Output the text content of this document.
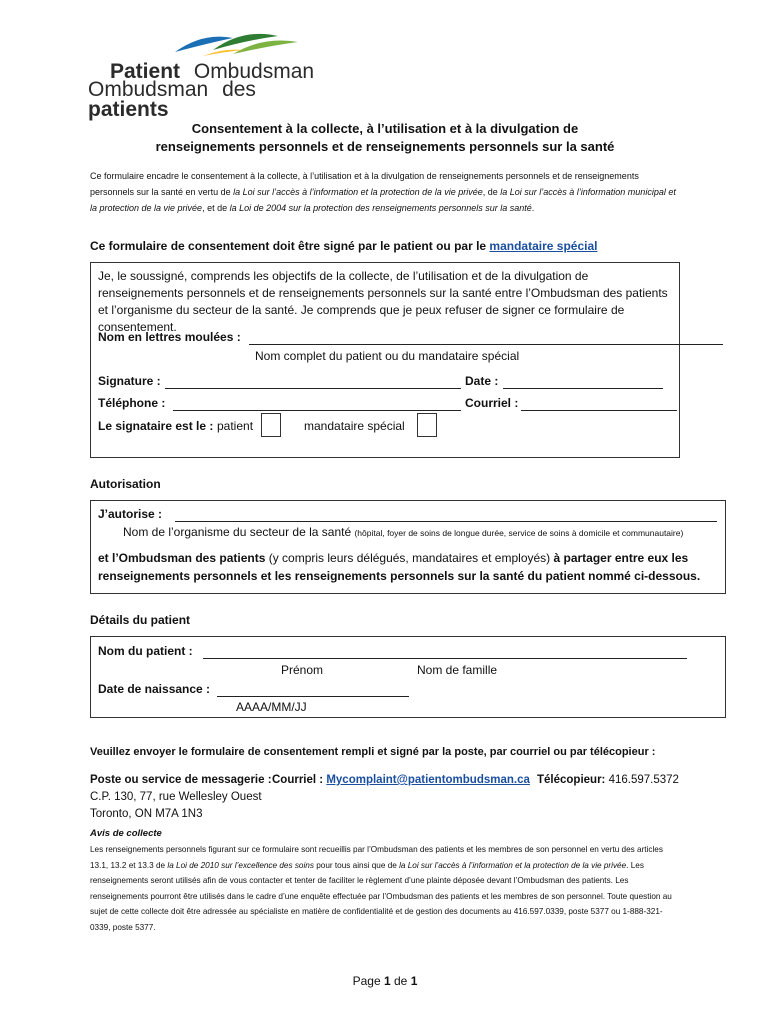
Patient Ombudsman
Ombudsman des patients
Consentement à la collecte, à l’utilisation et à la divulgation de
renseignements personnels et de renseignements personnels sur la santé
Ce formulaire encadre le consentement à la collecte, à l’utilisation et à la divulgation de renseignements personnels et de renseignements personnels sur la santé en vertu de la Loi sur l’accès à l’information et la protection de la vie privée, de la Loi sur l’accès à l’information municipal et la protection de la vie privée, et de la Loi de 2004 sur la protection des renseignements personnels sur la santé.
Ce formulaire de consentement doit être signé par le patient ou par le mandataire spécial
Je, le soussigné, comprends les objectifs de la collecte, de l’utilisation et de la divulgation de renseignements personnels et de renseignements personnels sur la santé entre l’Ombudsman des patients et l’organisme du secteur de la santé. Je comprends que je peux refuser de signer ce formulaire de consentement.
Nom en lettres moulées :
Nom complet du patient ou du mandataire spécial
Signature :	Date :
Téléphone :	Courriel :
Le signataire est le : patient	mandataire spécial
Autorisation
J’autorise :
Nom de l’organisme du secteur de la santé (hôpital, foyer de soins de longue durée, service de soins à domicile et communautaire)
et l’Ombudsman des patients (y compris leurs délégués, mandataires et employés) à partager entre eux les renseignements personnels et les renseignements personnels sur la santé du patient nommé ci-dessous.
Détails du patient
Nom du patient :
Prénom	Nom de famille
Date de naissance :
AAAA/MM/JJ
Veuillez envoyer le formulaire de consentement rempli et signé par la poste, par courriel ou par télécopieur :
Poste ou service de messagerie :
C.P. 130, 77, rue Wellesley Ouest
Toronto, ON M7A 1N3
Courriel : Mycomplaint@patientombudsman.ca Télécopieur: 416.597.5372
Avis de collecte
Les renseignements personnels figurant sur ce formulaire sont recueillis par l’Ombudsman des patients et les membres de son personnel en vertu des articles 13.1, 13.2 et 13.3 de la Loi de 2010 sur l’excellence des soins pour tous ainsi que de la Loi sur l’accès à l’information et la protection de la vie privée. Les renseignements seront utilisés afin de vous contacter et tenter de faciliter le règlement d’une plainte déposée devant l’Ombudsman des patients. Les renseignements pourront être utilisés dans le cadre d’une enquête effectuée par l’Ombudsman des patients et les membres de son personnel. Toute question au sujet de cette collecte doit être adressée au spécialiste en matière de confidentialité et de gestion des documents au 416.597.0339, poste 5377 ou 1-888-321-0339, poste 5377.
Page 1 de 1
